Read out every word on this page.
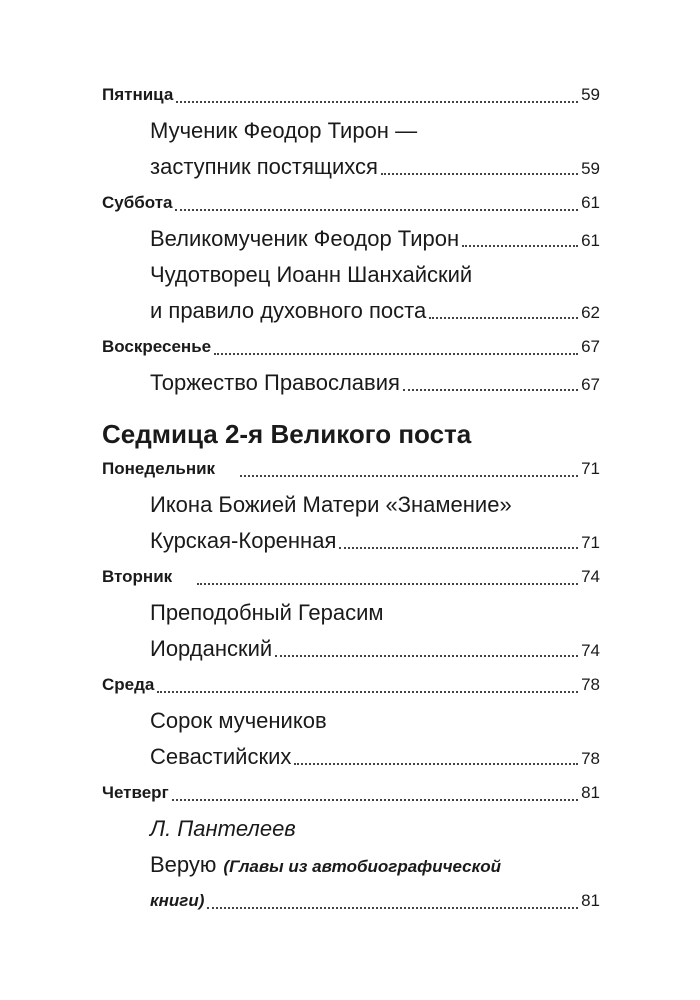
Пятница	59
Мученик Феодор Тирон —
заступник постящихся	59
Суббота	61
Великомученик Феодор Тирон	61
Чудотворец Иоанн Шанхайский
и правило духовного поста	62
Воскресенье	67
Торжество Православия	67
Седмица 2-я Великого поста
Понедельник	71
Икона Божией Матери «Знамение»
Курская-Коренная	71
Вторник	74
Преподобный Герасим
Иорданский	74
Среда	78
Сорок мучеников
Севастийских	78
Четверг	81
Л. Пантелеев
Верую (Главы из автобиографической
книги)	81
